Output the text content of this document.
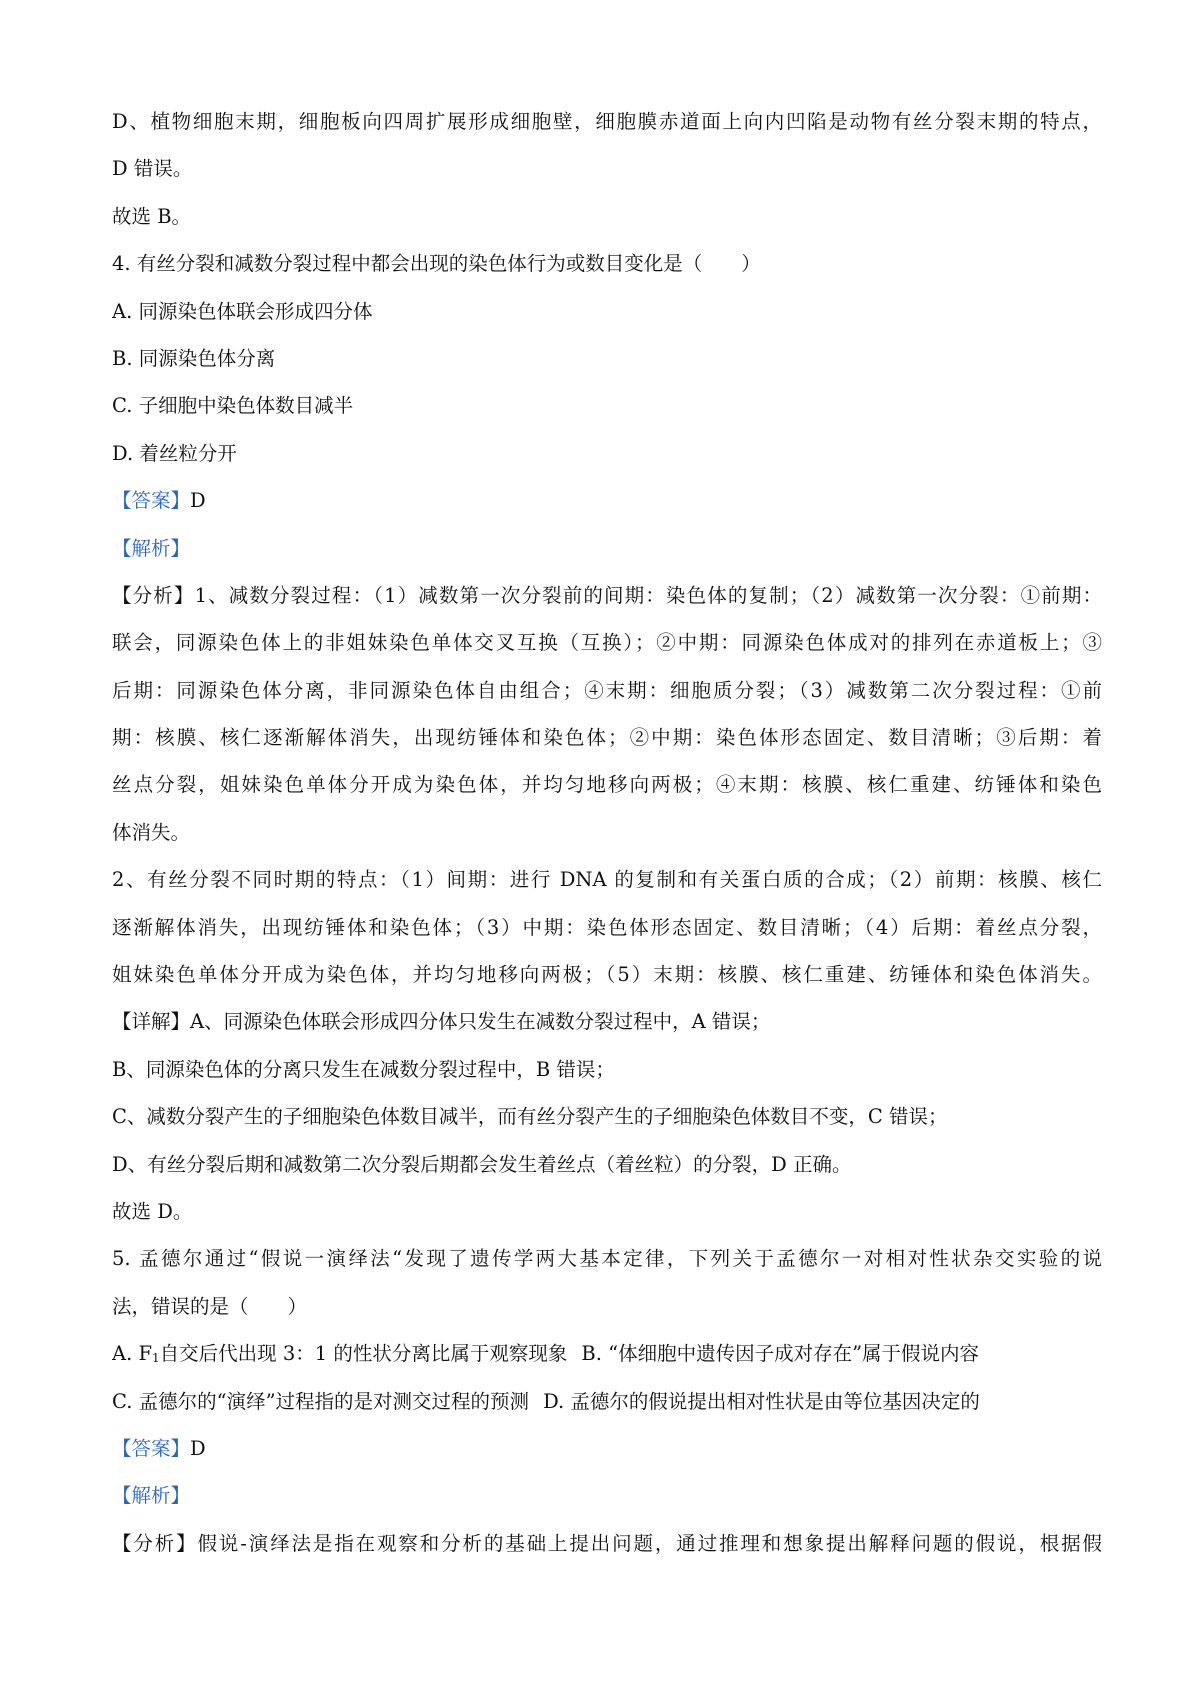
D、植物细胞末期，细胞板向四周扩展形成细胞壁，细胞膜赤道面上向内凹陷是动物有丝分裂末期的特点，
D 错误。
故选 B。
4. 有丝分裂和减数分裂过程中都会出现的染色体行为或数目变化是（　　）
A. 同源染色体联会形成四分体
B. 同源染色体分离
C. 子细胞中染色体数目减半
D. 着丝粒分开
【答案】D
【解析】
【分析】1、减数分裂过程：（1）减数第一次分裂前的间期：染色体的复制；（2）减数第一次分裂：①前期：
联会，同源染色体上的非姐妹染色单体交叉互换（互换）；②中期：同源染色体成对的排列在赤道板上；③
后期：同源染色体分离，非同源染色体自由组合；④末期：细胞质分裂；（3）减数第二次分裂过程：①前
期：核膜、核仁逐渐解体消失，出现纺锤体和染色体；②中期：染色体形态固定、数目清晰；③后期：着
丝点分裂，姐妹染色单体分开成为染色体，并均匀地移向两极；④末期：核膜、核仁重建、纺锤体和染色
体消失。
2、有丝分裂不同时期的特点：（1）间期：进行 DNA 的复制和有关蛋白质的合成；（2）前期：核膜、核仁
逐渐解体消失，出现纺锤体和染色体；（3）中期：染色体形态固定、数目清晰；（4）后期：着丝点分裂，
姐妹染色单体分开成为染色体，并均匀地移向两极；（5）末期：核膜、核仁重建、纺锤体和染色体消失。
【详解】A、同源染色体联会形成四分体只发生在减数分裂过程中，A 错误；
B、同源染色体的分离只发生在减数分裂过程中，B 错误；
C、减数分裂产生的子细胞染色体数目减半，而有丝分裂产生的子细胞染色体数目不变，C 错误；
D、有丝分裂后期和减数第二次分裂后期都会发生着丝点（着丝粒）的分裂，D 正确。
故选 D。
5. 孟德尔通过“假说一演绎法“发现了遗传学两大基本定律，下列关于孟德尔一对相对性状杂交实验的说
法，错误的是（　　）
A. $F_1$自交后代出现 3：1 的性状分离比属于观察现象 B. “体细胞中遗传因子成对存在”属于假说内容
C. 孟德尔的“演绎”过程指的是对测交过程的预测 D. 孟德尔的假说提出相对性状是由等位基因决定的
【答案】D
【解析】
【分析】假说-演绎法是指在观察和分析的基础上提出问题，通过推理和想象提出解释问题的假说，根据假
